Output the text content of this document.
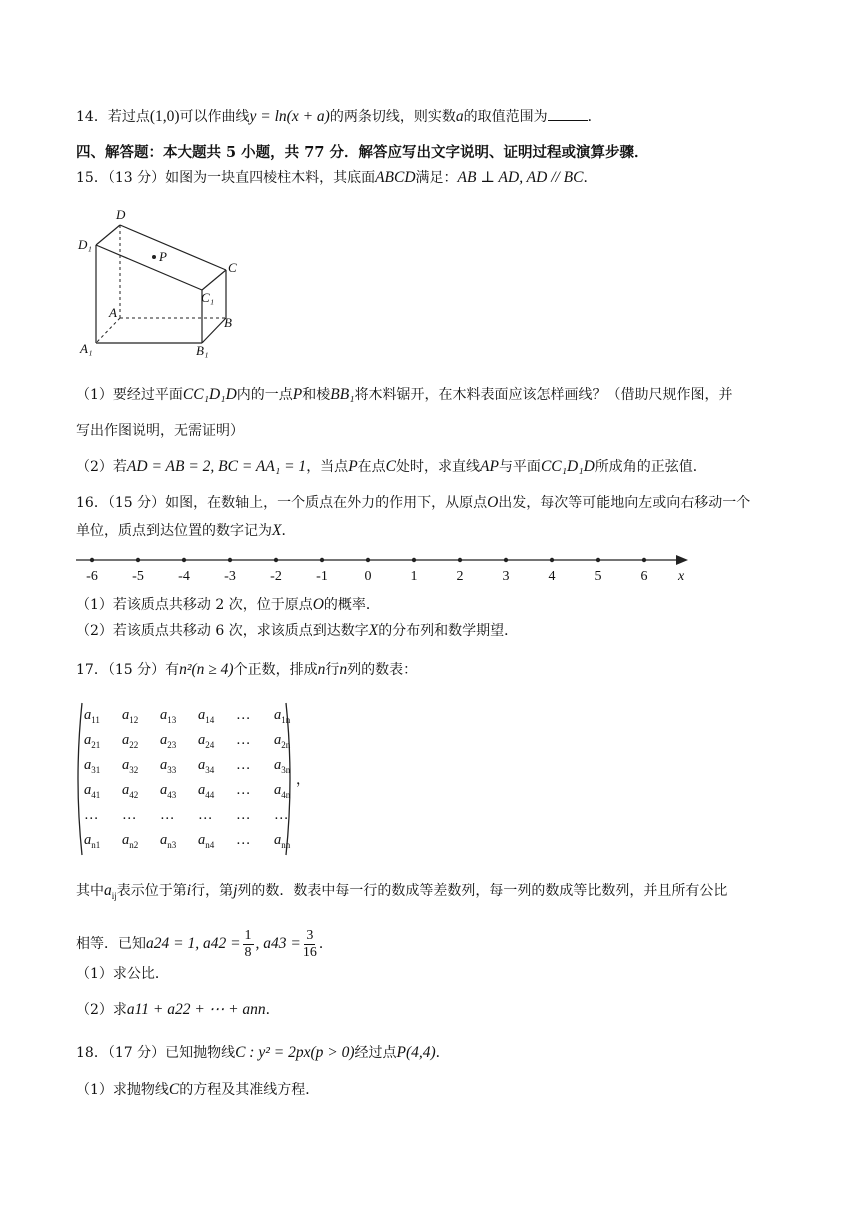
14．若过点(1,0)可以作曲线y = ln(x + a)的两条切线，则实数a的取值范围为	．
四、解答题：本大题共 5 小题，共 77 分．解答应写出文字说明、证明过程或演算步骤．
15．（13 分）如图为一块直四棱柱木料，其底面ABCD满足：AB ⊥ AD, AD // BC．
D
D₁
P
C
C₁
A
B
A₁	B₁
（1）要经过平面CC₁D₁D内的一点P和棱BB₁将木料锯开，在木料表面应该怎样画线？（借助尺规作图，并
写出作图说明，无需证明）
（2）若AD = AB = 2, BC = AA₁ = 1，当点P在点C处时，求直线AP与平面CC₁D₁D所成角的正弦值．
16．（15 分）如图，在数轴上，一个质点在外力的作用下，从原点O出发，每次等可能地向左或向右移动一个
单位，质点到达位置的数字记为X．
-6 -5 -4 -3 -2 -1	0	1	2	3	4	5	6 x
（1）若该质点共移动 2 次，位于原点O的概率．
（2）若该质点共移动 6 次，求该质点到达数字X的分布列和数学期望．
17．（15 分）有n²(n ≥ 4)个正数，排成n行n列的数表：
$a_{11}$	$a_{12}$	$a_{13}$	$a_{14}$	…	$a_{1n}$
$a_{21}$	$a_{22}$	$a_{23}$	$a_{24}$	…	$a_{2n}$
$a_{31}$	$a_{32}$	$a_{33}$	$a_{34}$	…	$a_{3n}$
$a_{41}$	$a_{42}$	$a_{43}$	$a_{44}$	…	$a_{4n}$
…	…	…	…	…	…
$a_{n1}$	$a_{n2}$	$a_{n3}$	$a_{n4}$	…	$a_{nn}$
，
其中$a_{ij}$表示位于第i行，第j列的数．数表中每一行的数成等差数列，每一列的数成等比数列，并且所有公比
相等．已知a24 = 1, $a42 = \frac{1}{8}$ , $a43 = \frac{3}{16}$ ．
（1）求公比．
（2）求a11 + a22 + ⋯ + ann．
18．（17 分）已知抛物线C : y² = 2px(p > 0)经过点P(4,4)．
（1）求抛物线C的方程及其准线方程．
